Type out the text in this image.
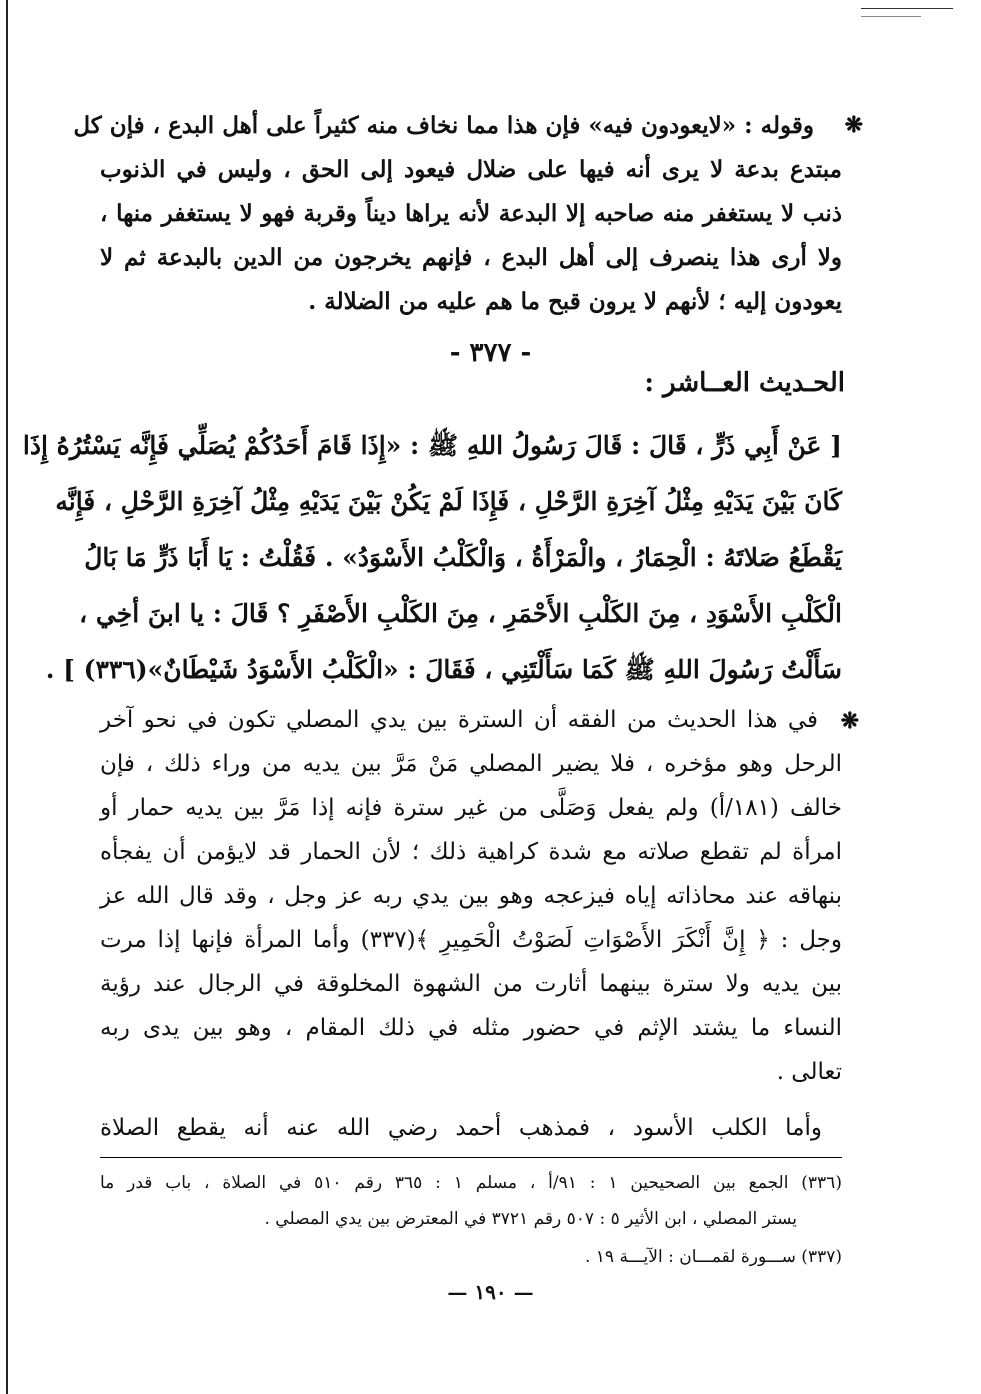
❋
وقوله : «لايعودون فيه» فإن هذا مما نخاف منه كثيراً على أهل البدع ، فإن كل
مبتدع بدعة لا يرى أنه فيها على ضلال فيعود إلى الحق ، وليس في الذنوب
ذنب لا يستغفر منه صاحبه إلا البدعة لأنه يراها ديناً وقربة فهو لا يستغفر منها ،
ولا أرى هذا ينصرف إلى أهل البدع ، فإنهم يخرجون من الدين بالبدعة ثم لا
يعودون إليه ؛ لأنهم لا يرون قبح ما هم عليه من الضلالة .
- ٣٧٧ -
الحـديث العــاشر :
[ عَنْ أَبِي ذَرٍّ ، قَالَ : قَالَ رَسُولُ اللهِ ﷺ : «إِذَا قَامَ أَحَدُكُمْ يُصَلِّي فَإِنَّه يَسْتُرُهُ إِذَا
كَانَ بَيْنَ يَدَيْهِ مِثْلُ آخِرَةِ الرَّحْلِ ، فَإِذَا لَمْ يَكُنْ بَيْنَ يَدَيْهِ مِثْلُ آخِرَةِ الرَّحْلِ ، فَإِنَّه
يَقْطَعُ صَلاتَهُ : الْحِمَارُ ، والْمَرْأَةُ ، وَالْكَلْبُ الأَسْوَدُ» . فَقُلْتُ : يَا أَبَا ذَرٍّ مَا بَالُ
الْكَلْبِ الأَسْوَدِ ، مِنَ الكَلْبِ الأَحْمَرِ ، مِنَ الكَلْبِ الأَصْفَرِ ؟ قَالَ : يا ابنَ أخِي ،
سَأَلْتُ رَسُولَ اللهِ ﷺ كَمَا سَأَلْتَنِي ، فَقَالَ : «الْكَلْبُ الأَسْوَدُ شَيْطَانٌ»(٣٣٦) ] .
❋
في هذا الحديث من الفقه أن السترة بين يدي المصلي تكون في نحو آخر
الرحل وهو مؤخره ، فلا يضير المصلي مَنْ مَرَّ بين يديه من وراء ذلك ، فإن
خالف (١٨١/أ) ولم يفعل وَصَلَّى من غير سترة فإنه إذا مَرَّ بين يديه حمار أو
امرأة لم تقطع صلاته مع شدة كراهية ذلك ؛ لأن الحمار قد لايؤمن أن يفجأه
بنهاقه عند محاذاته إياه فيزعجه وهو بين يدي ربه عز وجل ، وقد قال الله عز
وجل : ﴿ إِنَّ أَنْكَرَ الأَصْوَاتِ لَصَوْتُ الْحَمِيرِ ﴾(٣٣٧) وأما المرأة فإنها إذا مرت
بين يديه ولا سترة بينهما أثارت من الشهوة المخلوقة في الرجال عند رؤية
النساء ما يشتد الإثم في حضور مثله في ذلك المقام ، وهو بين يدى ربه
تعالى .
وأما الكلب الأسود ، فمذهب أحمد رضي الله عنه أنه يقطع الصلاة
(٣٣٦) الجمع بين الصحيحين ١ : ٩١/أ ، مسلم ١ : ٣٦٥ رقم ٥١٠ في الصلاة ، باب قدر ما
يستر المصلي ، ابن الأثير ٥ : ٥٠٧ رقم ٣٧٢١ في المعترض بين يدي المصلي .
(٣٣٧) ســـورة لقمـــان : الآيـــة ١٩ .
— ١٩٠ —
